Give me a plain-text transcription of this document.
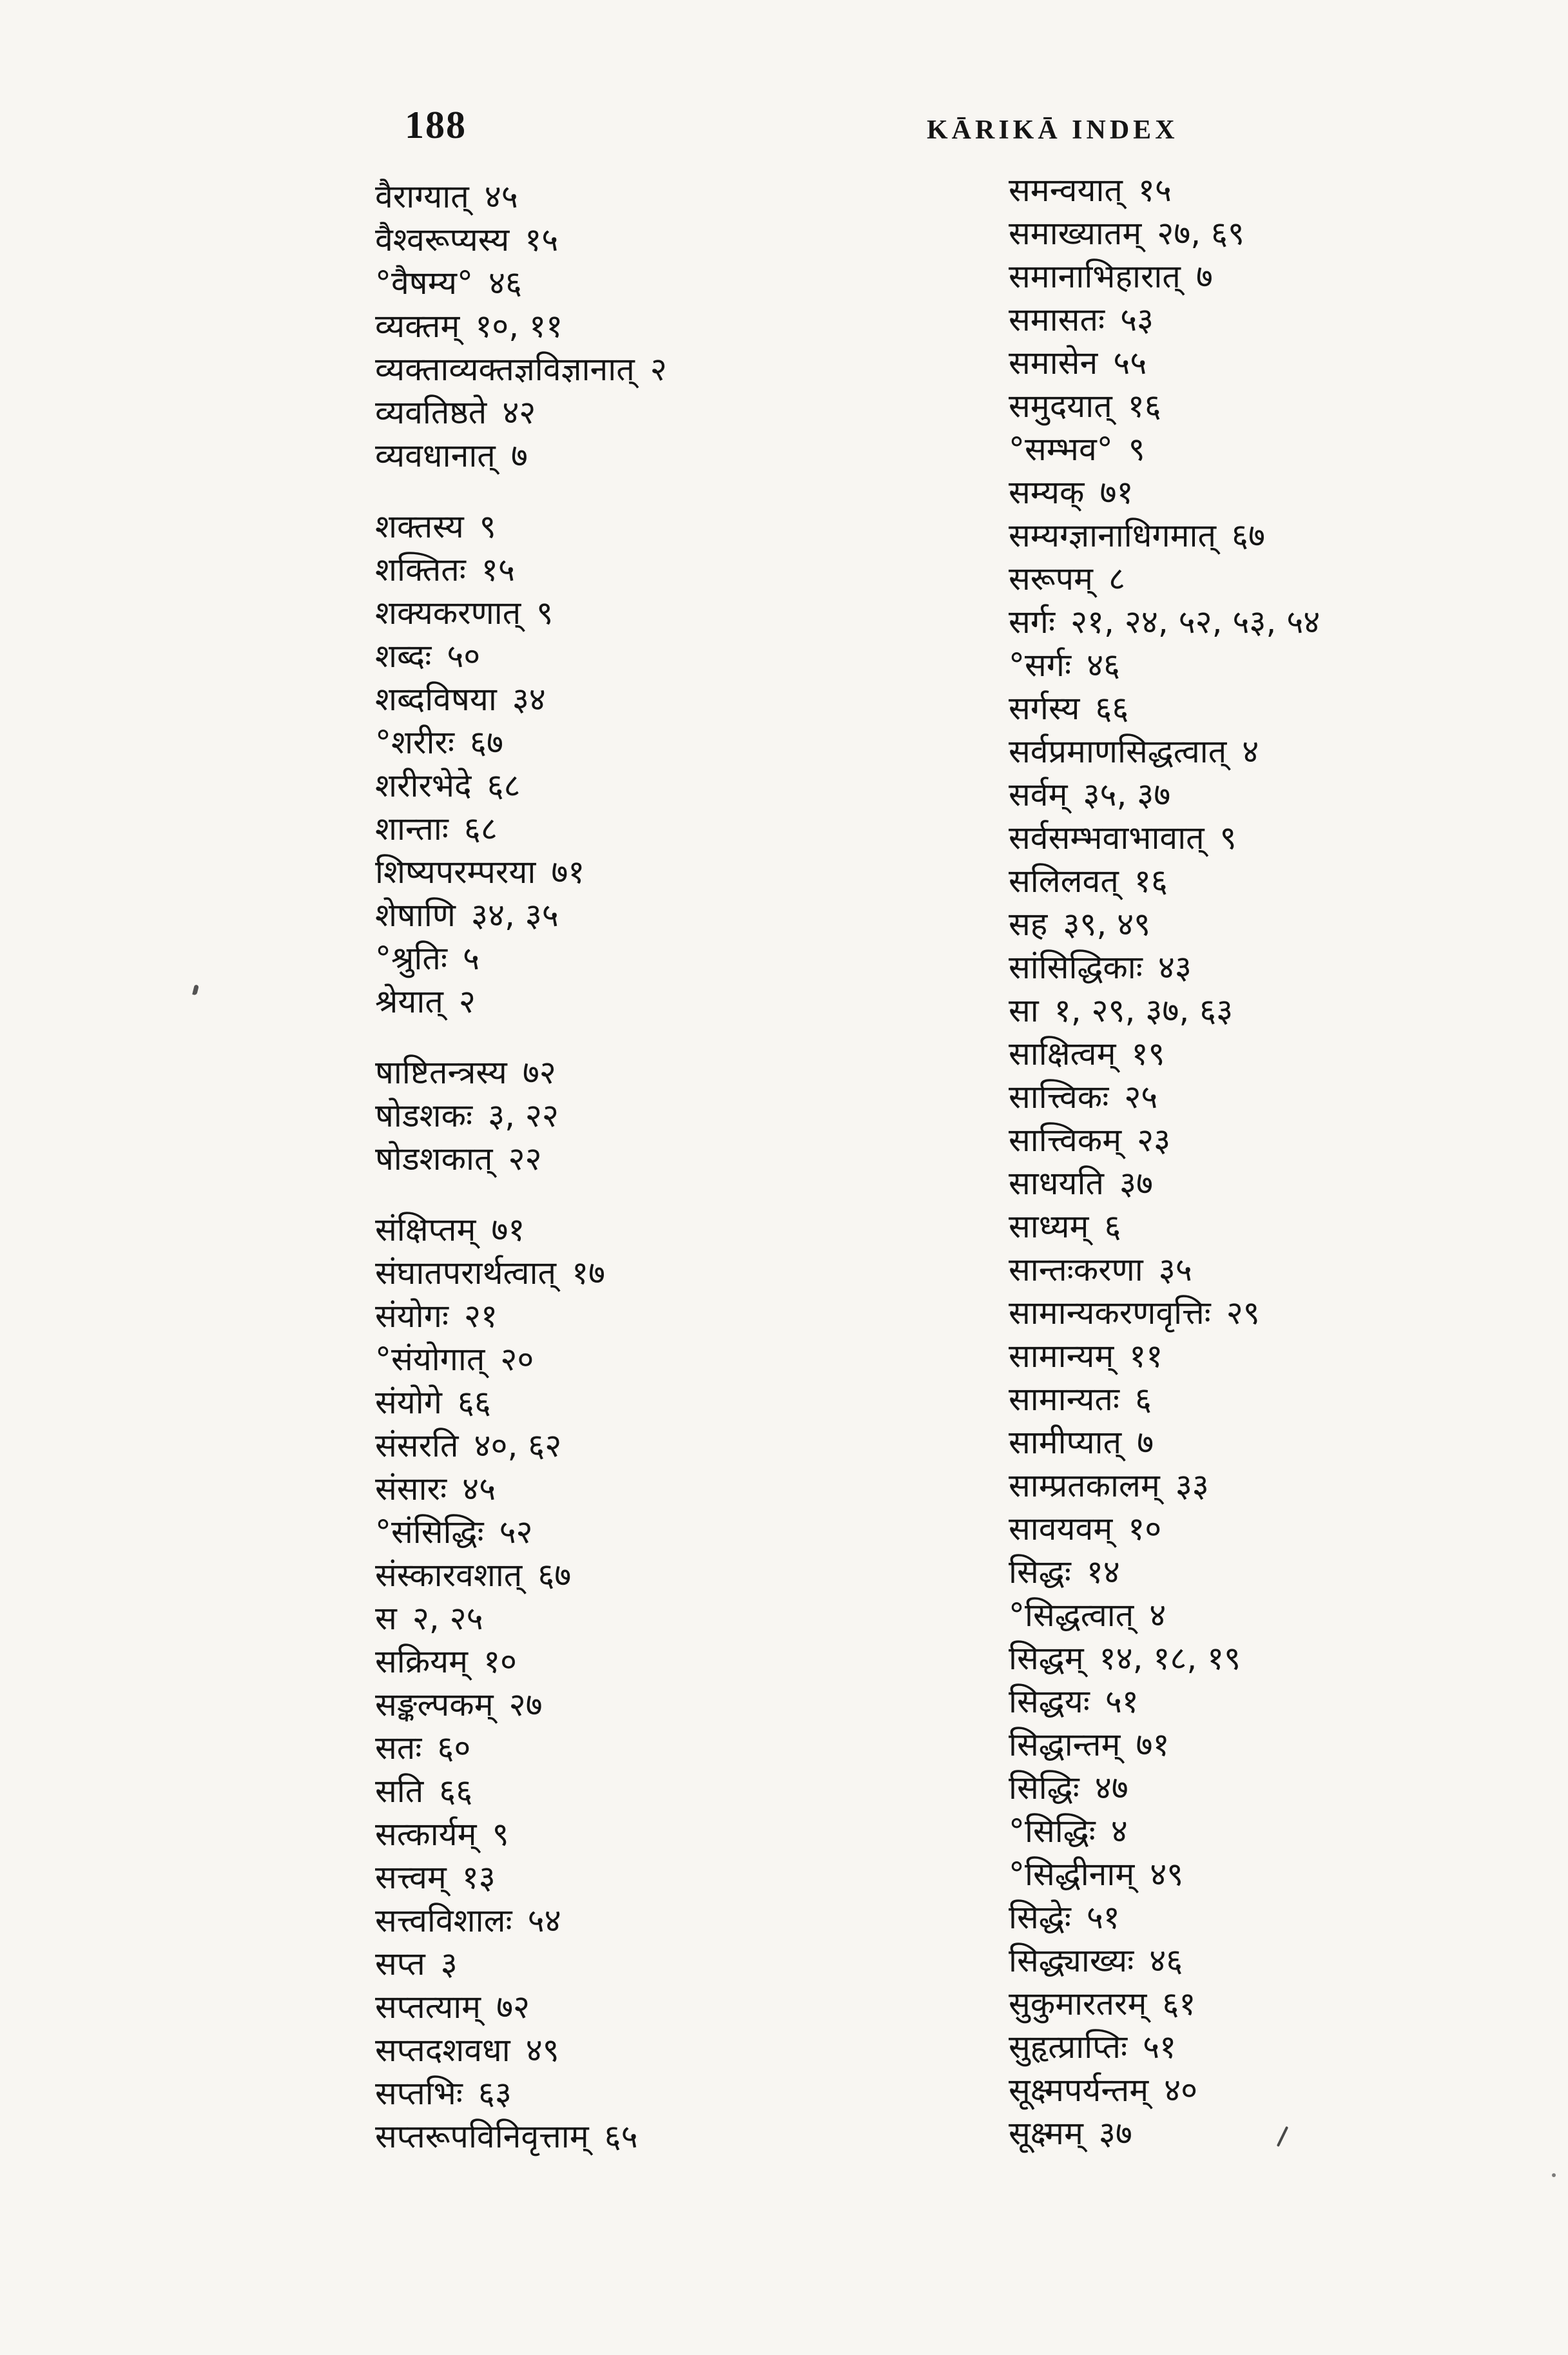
188	KĀRIKĀ INDEX
वैराग्यात् ४५
वैश्वरूप्यस्य १५
°वैषम्य° ४६
व्यक्तम् १०, ११
व्यक्ताव्यक्तज्ञविज्ञानात् २
व्यवतिष्ठते ४२
व्यवधानात् ७
शक्तस्य ९
शक्तितः १५
शक्यकरणात् ९
शब्दः ५०
शब्दविषया ३४
°शरीरः ६७
शरीरभेदे ६८
शान्ताः ६८
शिष्यपरम्परया ७१
शेषाणि ३४, ३५
°श्रुतिः ५
श्रेयात् २
षाष्टितन्त्रस्य ७२
षोडशकः ३, २२
षोडशकात् २२
संक्षिप्तम् ७१
संघातपरार्थत्वात् १७
संयोगः २१
°संयोगात् २०
संयोगे ६६
संसरति ४०, ६२
संसारः ४५
°संसिद्धिः ५२
संस्कारवशात् ६७
स २, २५
सक्रियम् १०
सङ्कल्पकम् २७
सतः ६०
सति ६६
सत्कार्यम् ९
सत्त्वम् १३
सत्त्वविशालः ५४
सप्त ३
सप्तत्याम् ७२
सप्तदशवधा ४९
सप्तभिः ६३
सप्तरूपविनिवृत्ताम् ६५
समन्वयात् १५
समाख्यातम् २७, ६९
समानाभिहारात् ७
समासतः ५३
समासेन ५५
समुदयात् १६
°सम्भव° ९
सम्यक् ७१
सम्यग्ज्ञानाधिगमात् ६७
सरूपम् ८
सर्गः २१, २४, ५२, ५३, ५४
°सर्गः ४६
सर्गस्य ६६
सर्वप्रमाणसिद्धत्वात् ४
सर्वम् ३५, ३७
सर्वसम्भवाभावात् ९
सलिलवत् १६
सह ३९, ४९
सांसिद्धिकाः ४३
सा १, २९, ३७, ६३
साक्षित्वम् १९
सात्त्विकः २५
सात्त्विकम् २३
साधयति ३७
साध्यम् ६
सान्तःकरणा ३५
सामान्यकरणवृत्तिः २९
सामान्यम् ११
सामान्यतः ६
सामीप्यात् ७
साम्प्रतकालम् ३३
सावयवम् १०
सिद्धः १४
°सिद्धत्वात् ४
सिद्धम् १४, १८, १९
सिद्धयः ५१
सिद्धान्तम् ७१
सिद्धिः ४७
°सिद्धिः ४
°सिद्धीनाम् ४९
सिद्धेः ५१
सिद्ध्याख्यः ४६
सुकुमारतरम् ६१
सुहृत्प्राप्तिः ५१
सूक्ष्मपर्यन्तम् ४०
सूक्ष्मम् ३७
